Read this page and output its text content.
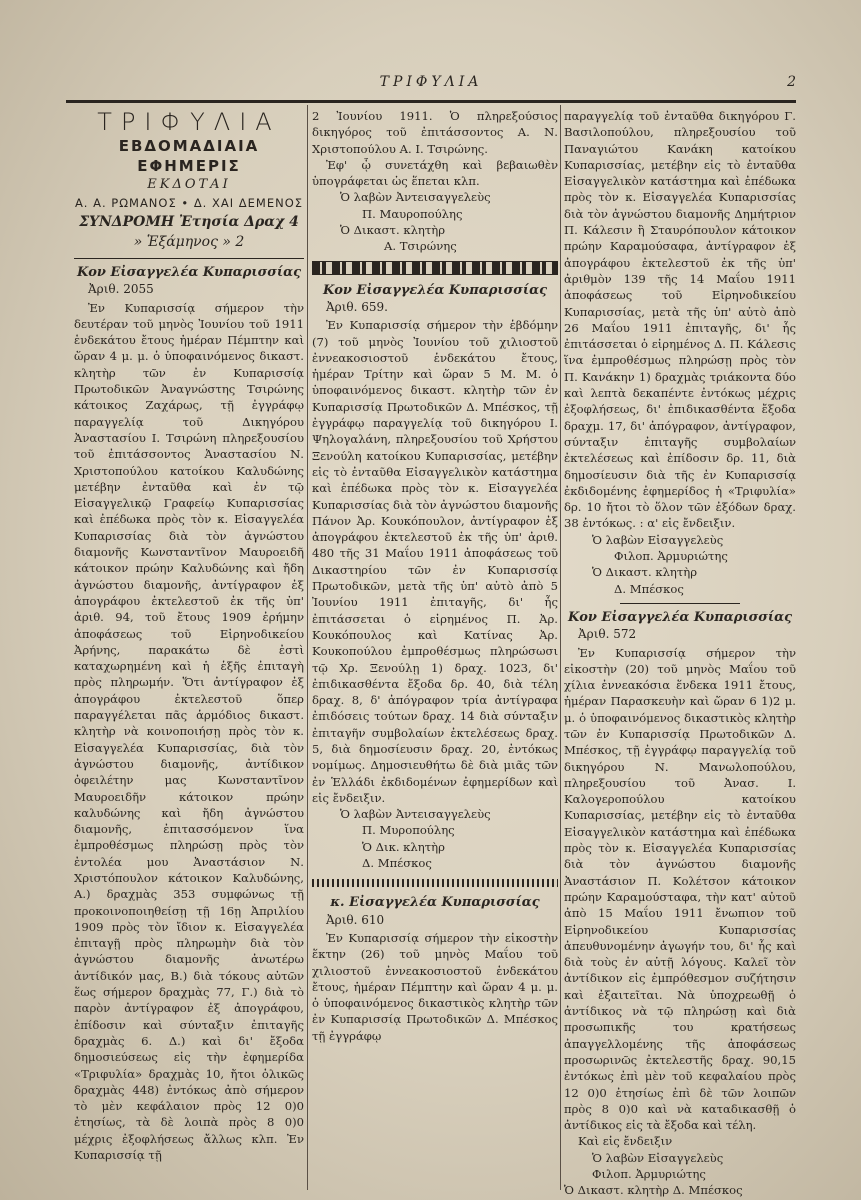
ΤΡΙΦΥΛΙΑ	2
ΤΡΙΦΥΛΙΑ
ΕΒΔΟΜΑΔΙΑΙΑ ΕΦΗΜΕΡΙΣ
ΕΚΔΟΤΑΙ
Α. Α. ΡΩΜΑΝΟΣ • Δ. ΧΑΙ ΔΕΜΕΝΟΣ
ΣΥΝΔΡΟΜΗ Ἐτησία Δραχ 4
» Ἑξάμηνος » 2

Κον Εἰσαγγελέα Κυπαρισσίας

Ἀριθ. 2055

Ἐν Κυπαρισσίᾳ σήμερον τὴν δευτέραν τοῦ μηνὸς Ἰουνίου τοῦ 1911 ἑνδεκάτου ἔτους ἡμέραν Πέμπτην καὶ ὥραν 4 μ. μ. ὁ ὑποφαινόμενος δικαστ. κλητὴρ τῶν ἐν Κυπαρισσίᾳ Πρωτοδικῶν Ἀναγνώστης Τσιρώνης κάτοικος Ζαχάρως, τῇ ἐγγράφῳ παραγγελίᾳ τοῦ Δικηγόρου Ἀναστασίου Ι. Τσιρώνη πληρεξουσίου τοῦ ἐπιτάσσοντος Ἀναστασίου Ν. Χριστοπούλου κατοίκου Καλυδώνης μετέβην ἐνταῦθα καὶ ἐν τῷ Εἰσαγγελικῷ Γραφείῳ Κυπαρισσίας καὶ ἐπέδωκα πρὸς τὸν κ. Εἰσαγγελέα Κυπαρισσίας διὰ τὸν ἀγνώστου διαμονῆς Κωνσταντῖνον Μαυροειδῆ κάτοικον πρώην Καλυδώνης καὶ ἤδη ἀγνώστου διαμονῆς, ἀντίγραφον ἐξ ἀπογράφου ἐκτελεστοῦ ἐκ τῆς ὑπ' ἀριθ. 94, τοῦ ἔτους 1909 ἐρήμην ἀποφάσεως τοῦ Εἰρηνοδικείου Ἀρήνης, παρακάτω δὲ ἐστὶ καταχωρημένη καὶ ἡ ἑξῆς ἐπιταγὴ πρὸς πληρωμήν. Ὅτι ἀντίγραφον ἐξ ἀπογράφου ἐκτελεστοῦ ὅπερ παραγγέλεται πᾶς ἁρμόδιος δικαστ. κλητὴρ νὰ κοινοποιήσῃ πρὸς τὸν κ. Εἰσαγγελέα Κυπαρισσίας, διὰ τὸν ἀγνώστου διαμονῆς, ἀντίδικον ὀφειλέτην μας Κωνσταντῖνον Μαυροειδῆν κάτοικον πρώην καλυδώνης καὶ ἤδη ἀγνώστου διαμονῆς, ἐπιτασσόμενον ἵνα ἐμπροθέσμως πληρώσῃ πρὸς τὸν ἐντολέα μου Ἀναστάσιον Ν. Χριστόπουλον κάτοικον Καλυδώνης, Α.) δραχμὰς 353 συμφώνως τῇ προκοινοποιηθείσῃ τῇ 16ῃ Ἀπριλίου 1909 πρὸς τὸν ἴδιον κ. Εἰσαγγελέα ἐπιταγῇ πρὸς πληρωμὴν διὰ τὸν ἀγνώστου διαμονῆς ἀνωτέρω ἀντίδικόν μας, Β.) διὰ τόκους αὐτῶν ἕως σήμερον δραχμὰς 77, Γ.) διὰ τὸ παρὸν ἀντίγραφον ἐξ ἀπογράφου, ἐπίδοσιν καὶ σύνταξιν ἐπιταγῆς δραχμὰς 6. Δ.) καὶ δι' ἔξοδα δημοσιεύσεως εἰς τὴν ἐφημερίδα «Τριφυλία» δραχμὰς 10, ἤτοι ὁλικῶς δραχμὰς 448) ἐντόκως ἀπὸ σήμερον τὸ μὲν κεφάλαιον πρὸς 12 0)0 ἐτησίως, τὰ δὲ λοιπὰ πρὸς 8 0)0 μέχρις ἐξοφλήσεως ἄλλως κλπ. Ἐν Κυπαρισσίᾳ τῇ

2 Ἰουνίου 1911. Ὁ πληρεξούσιος δικηγόρος τοῦ ἐπιτάσσοντος Α. Ν. Χριστοπούλου Α. Ι. Τσιρώνης.

Ἐφ' ᾧ συνετάχθη καὶ βεβαιωθὲν ὑπογράφεται ὡς ἕπεται κλπ.

Ὁ λαβὼν Ἀντεισαγγελεὺς

Π. Μαυροπούλης

Ὁ Δικαστ. κλητὴρ

Α. Τσιρώνης

Κον Εἰσαγγελέα Κυπαρισσίας

Ἀριθ. 659.

Ἐν Κυπαρισσίᾳ σήμερον τὴν ἑβδόμην (7) τοῦ μηνὸς Ἰουνίου τοῦ χιλιοστοῦ ἐννεακοσιοστοῦ ἑνδεκάτου ἔτους, ἡμέραν Τρίτην καὶ ὥραν 5 Μ. Μ. ὁ ὑποφαινόμενος δικαστ. κλητὴρ τῶν ἐν Κυπαρισσίᾳ Πρωτοδικῶν Δ. Μπέσκος, τῇ ἐγγράφῳ παραγγελίᾳ τοῦ δικηγόρου Ι. Ψηλογαλάνη, πληρεξουσίου τοῦ Χρήστου Ξενούλη κατοίκου Κυπαρισσίας, μετέβην εἰς τὸ ἐνταῦθα Εἰσαγγελικὸν κατάστημα καὶ ἐπέδωκα πρὸς τὸν κ. Εἰσαγγελέα Κυπαρισσίας διὰ τὸν ἀγνώστου διαμονῆς Πάνον Ἀρ. Κουκόπουλον, ἀντίγραφον ἐξ ἀπογράφου ἐκτελεστοῦ ἐκ τῆς ὑπ' ἀριθ. 480 τῆς 31 Μαΐου 1911 ἀποφάσεως τοῦ Δικαστηρίου τῶν ἐν Κυπαρισσίᾳ Πρωτοδικῶν, μετὰ τῆς ὑπ' αὐτὸ ἀπὸ 5 Ἰουνίου 1911 ἐπιταγῆς, δι' ἧς ἐπιτάσσεται ὁ εἰρημένος Π. Ἀρ. Κουκόπουλος καὶ Κατίνας Ἀρ. Κουκοπούλου ἐμπροθέσμως πληρώσωσι τῷ Χρ. Ξενούλῃ 1) δραχ. 1023, δι' ἐπιδικασθέντα ἔξοδα δρ. 40, διὰ τέλη δραχ. 8, δ' ἀπόγραφον τρία ἀντίγραφα ἐπιδόσεις τούτων δραχ. 14 διὰ σύνταξιν ἐπιταγῆν συμβολαίων ἐκτελέσεως δραχ. 5, διὰ δημοσίευσιν δραχ. 20, ἐντόκως νομίμως. Δημοσιευθήτω δὲ διὰ μιᾶς τῶν ἐν Ἑλλάδι ἐκδιδομένων ἐφημερίδων καὶ εἰς ἔνδειξιν.

Ὁ λαβὼν Ἀντεισαγγελεὺς

Π. Μυροπούλης

Ὁ Δικ. κλητὴρ

Δ. Μπέσκος

κ. Εἰσαγγελέα Κυπαρισσίας

Ἀριθ. 610

Ἐν Κυπαρισσίᾳ σήμερον τὴν εἰκοστὴν ἕκτην (26) τοῦ μηνὸς Μαΐου τοῦ χιλιοστοῦ ἐννεακοσιοστοῦ ἑνδεκάτου ἔτους, ἡμέραν Πέμπτην καὶ ὥραν 4 μ. μ. ὁ ὑποφαινόμενος δικαστικὸς κλητὴρ τῶν ἐν Κυπαρισσίᾳ Πρωτοδικῶν Δ. Μπέσκος τῇ ἐγγράφῳ

παραγγελίᾳ τοῦ ἐνταῦθα δικηγόρου Γ. Βασιλοπούλου, πληρεξουσίου τοῦ Παναγιώτου Κανάκη κατοίκου Κυπαρισσίας, μετέβην εἰς τὸ ἐνταῦθα Εἰσαγγελικὸν κατάστημα καὶ ἐπέδωκα πρὸς τὸν κ. Εἰσαγγελέα Κυπαρισσίας διὰ τὸν ἀγνώστου διαμονῆς Δημήτριον Π. Κάλεσιν ἢ Σταυρόπουλον κάτοικον πρώην Καραμούσαφα, ἀντίγραφον ἐξ ἀπογράφου ἐκτελεστοῦ ἐκ τῆς ὑπ' ἀριθμὸν 139 τῆς 14 Μαΐου 1911 ἀποφάσεως τοῦ Εἰρηνοδικείου Κυπαρισσίας, μετὰ τῆς ὑπ' αὐτὸ ἀπὸ 26 Μαΐου 1911 ἐπιταγῆς, δι' ἧς ἐπιτάσσεται ὁ εἰρημένος Δ. Π. Κάλεσις ἵνα ἐμπροθέσμως πληρώσῃ πρὸς τὸν Π. Κανάκην 1) δραχμὰς τριάκοντα δύο καὶ λεπτὰ δεκαπέντε ἐντόκως μέχρις ἐξοφλήσεως, δι' ἐπιδικασθέντα ἔξοδα δραχμ. 17, δι' ἀπόγραφον, ἀντίγραφον, σύνταξιν ἐπιταγῆς συμβολαίων ἐκτελέσεως καὶ ἐπίδοσιν δρ. 11, διὰ δημοσίευσιν διὰ τῆς ἐν Κυπαρισσίᾳ ἐκδιδομένης ἐφημερίδος ἡ «Τριφυλία» δρ. 10 ἤτοι τὸ ὅλον τῶν ἐξόδων δραχ. 38 ἐντόκως. : α' εἰς ἔνδειξιν.

Ὁ λαβὼν Εἰσαγγελεὺς

Φιλοπ. Ἀρμυριώτης

Ὁ Δικαστ. κλητὴρ

Δ. Μπέσκος

Κον Εἰσαγγελέα Κυπαρισσίας

Ἀριθ. 572

Ἐν Κυπαρισσίᾳ σήμερον τὴν εἰκοστὴν (20) τοῦ μηνὸς Μαΐου τοῦ χίλια ἐννεακόσια ἕνδεκα 1911 ἔτους, ἡμέραν Παρασκευὴν καὶ ὥραν 6 1)2 μ. μ. ὁ ὑποφαινόμενος δικαστικὸς κλητὴρ τῶν ἐν Κυπαρισσίᾳ Πρωτοδικῶν Δ. Μπέσκος, τῇ ἐγγράφῳ παραγγελίᾳ τοῦ δικηγόρου Ν. Μανωλοπούλου, πληρεξουσίου τοῦ Ἀνασ. Ι. Καλογεροπούλου κατοίκου Κυπαρισσίας, μετέβην εἰς τὸ ἐνταῦθα Εἰσαγγελικὸν κατάστημα καὶ ἐπέδωκα πρὸς τὸν κ. Εἰσαγγελέα Κυπαρισσίας διὰ τὸν ἀγνώστου διαμονῆς Ἀναστάσιον Π. Κολέτσον κάτοικον πρώην Καραμούσταφα, τὴν κατ' αὐτοῦ ἀπὸ 15 Μαΐου 1911 ἔνωπιον τοῦ Εἰρηνοδικείου Κυπαρισσίας ἀπευθυνομένην ἀγωγήν του, δι' ἧς καὶ διὰ τοὺς ἐν αὐτῇ λόγους. Καλεῖ τὸν ἀντίδικον εἰς ἐμπρόθεσμον συζήτησιν καὶ ἐξαιτεῖται. Νὰ ὑποχρεωθῇ ὁ ἀντίδικος νὰ τῷ πληρώσῃ καὶ διὰ προσωπικῆς του κρατήσεως ἀπαγγελλομένης τῆς ἀποφάσεως προσωρινῶς ἐκτελεστῆς δραχ. 90,15 ἐντόκως ἐπὶ μὲν τοῦ κεφαλαίου πρὸς 12 0)0 ἐτησίως ἐπὶ δὲ τῶν λοιπῶν πρὸς 8 0)0 καὶ νὰ καταδικασθῇ ὁ ἀντίδικος εἰς τὰ ἔξοδα καὶ τέλη.

Καὶ εἰς ἔνδειξιν

Ὁ λαβὼν Εἰσαγγελεὺς

Φιλοπ. Ἀρμυριώτης

Ὁ Δικαστ. κλητὴρ Δ. Μπέσκος
